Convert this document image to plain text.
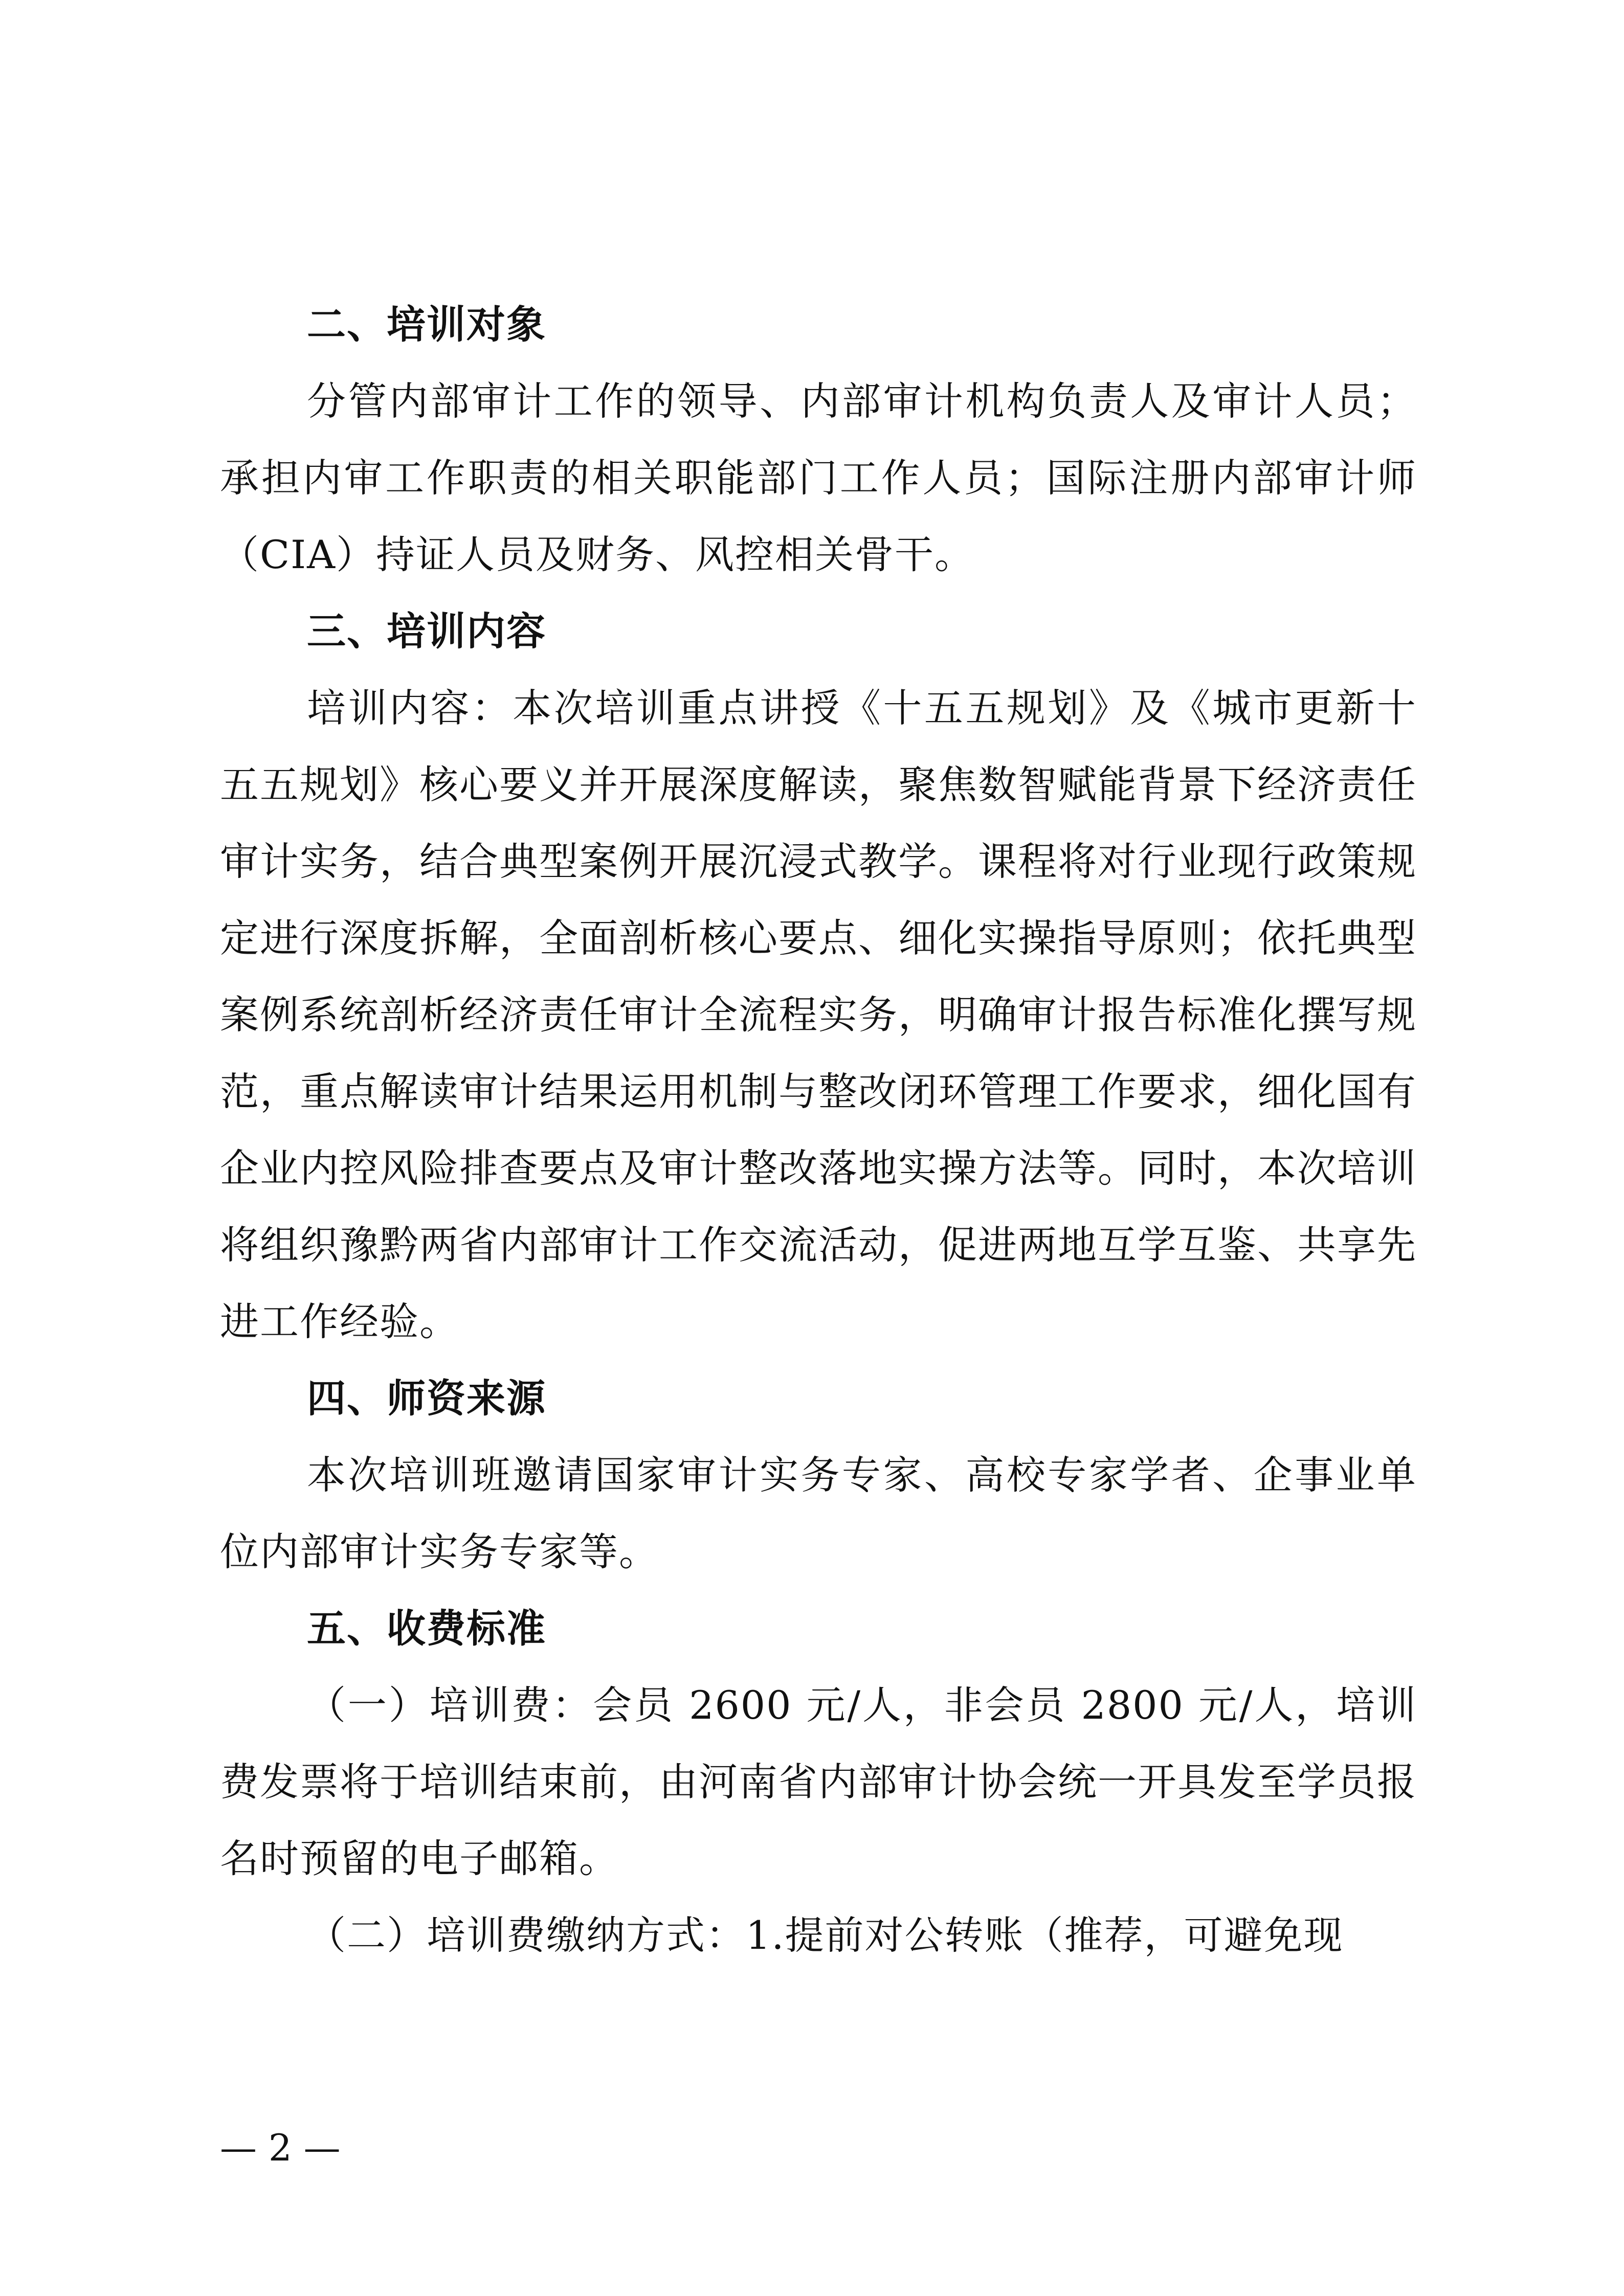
二、培训对象

分管内部审计工作的领导、内部审计机构负责人及审计人员；承担内审工作职责的相关职能部门工作人员；国际注册内部审计师（CIA）持证人员及财务、风控相关骨干。

三、培训内容

培训内容：本次培训重点讲授《十五五规划》及《城市更新十五五规划》核心要义并开展深度解读，聚焦数智赋能背景下经济责任审计实务，结合典型案例开展沉浸式教学。课程将对行业现行政策规定进行深度拆解，全面剖析核心要点、细化实操指导原则；依托典型案例系统剖析经济责任审计全流程实务，明确审计报告标准化撰写规范，重点解读审计结果运用机制与整改闭环管理工作要求，细化国有企业内控风险排查要点及审计整改落地实操方法等。同时，本次培训将组织豫黔两省内部审计工作交流活动，促进两地互学互鉴、共享先进工作经验。

四、师资来源

本次培训班邀请国家审计实务专家、高校专家学者、企事业单位内部审计实务专家等。

五、收费标准

（一）培训费：会员 2600 元/人，非会员 2800 元/人，培训费发票将于培训结束前，由河南省内部审计协会统一开具发至学员报名时预留的电子邮箱。

（二）培训费缴纳方式：1.提前对公转账（推荐，可避免现

— 2 —
